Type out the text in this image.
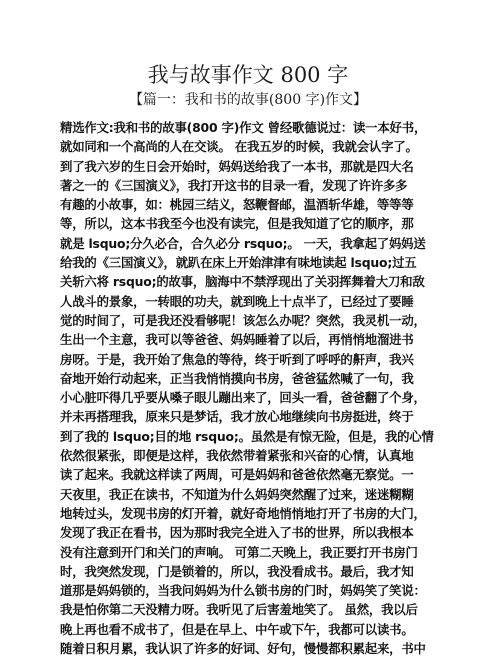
我与故事作文 800 字
【篇一：我和书的故事(800 字)作文】
精选作文:我和书的故事(800 字)作文 曾经歌德说过：读一本好书，
就如同和一个高尚的人在交谈。 在我五岁的时候，我就会认字了。
到了我六岁的生日会开始时，妈妈送给我了一本书，那就是四大名
著之一的《三国演义》，我打开这书的目录一看，发现了许许多多
有趣的小故事，如：桃园三结义，怒鞭督邮，温酒斩华雄，等等等
等，所以，这本书我至今也没有读完，但是我知道了它的顺序，那
就是 lsquo;分久必合，合久必分 rsquo;。 一天，我拿起了妈妈送
给我的《三国演义》，就趴在床上开始津津有味地读起 lsquo;过五
关斩六将 rsquo;的故事，脑海中不禁浮现出了关羽挥舞着大刀和敌
人战斗的景象，一转眼的功夫，就到晚上十点半了，已经过了要睡
觉的时间了，可是我还没看够呢！该怎么办呢？突然，我灵机一动，
生出一个主意，我可以等爸爸、妈妈睡着了以后，再悄悄地溜进书
房呀。于是，我开始了焦急的等待，终于听到了呼呼的鼾声，我兴
奋地开始行动起来，正当我悄悄摸向书房，爸爸猛然喊了一句，我
小心脏吓得几乎要从嗓子眼儿蹦出来了，回头一看，爸爸翻了个身，
并未再搭理我，原来只是梦话，我才放心地继续向书房挺进，终于
到了我的 lsquo;目的地 rsquo;。虽然是有惊无险，但是，我的心情
依然很紧张，即便是这样，我依然带着紧张和兴奋的心情，认真地
读了起来。我就这样读了两周，可是妈妈和爸爸依然毫无察觉。一
天夜里，我正在读书，不知道为什么妈妈突然醒了过来，迷迷糊糊
地转过头，发现书房的灯开着，就好奇地悄悄地打开了书房的大门，
发现了我正在看书，因为那时我完全进入了书的世界，所以我根本
没有注意到开门和关门的声响。 可第二天晚上，我正要打开书房门
时，我突然发现，门是锁着的，所以，我没看成书。最后，我才知
道那是妈妈锁的，当我问妈妈为什么锁书房的门时，妈妈笑了笑说：
我是怕你第二天没精力呀。我听见了后害羞地笑了。 虽然，我以后
晚上再也看不成书了，但是在早上、中午或下午，我都可以读书。
随着日积月累，我认识了许多的好词、好句，慢慢都积累起来，书中
